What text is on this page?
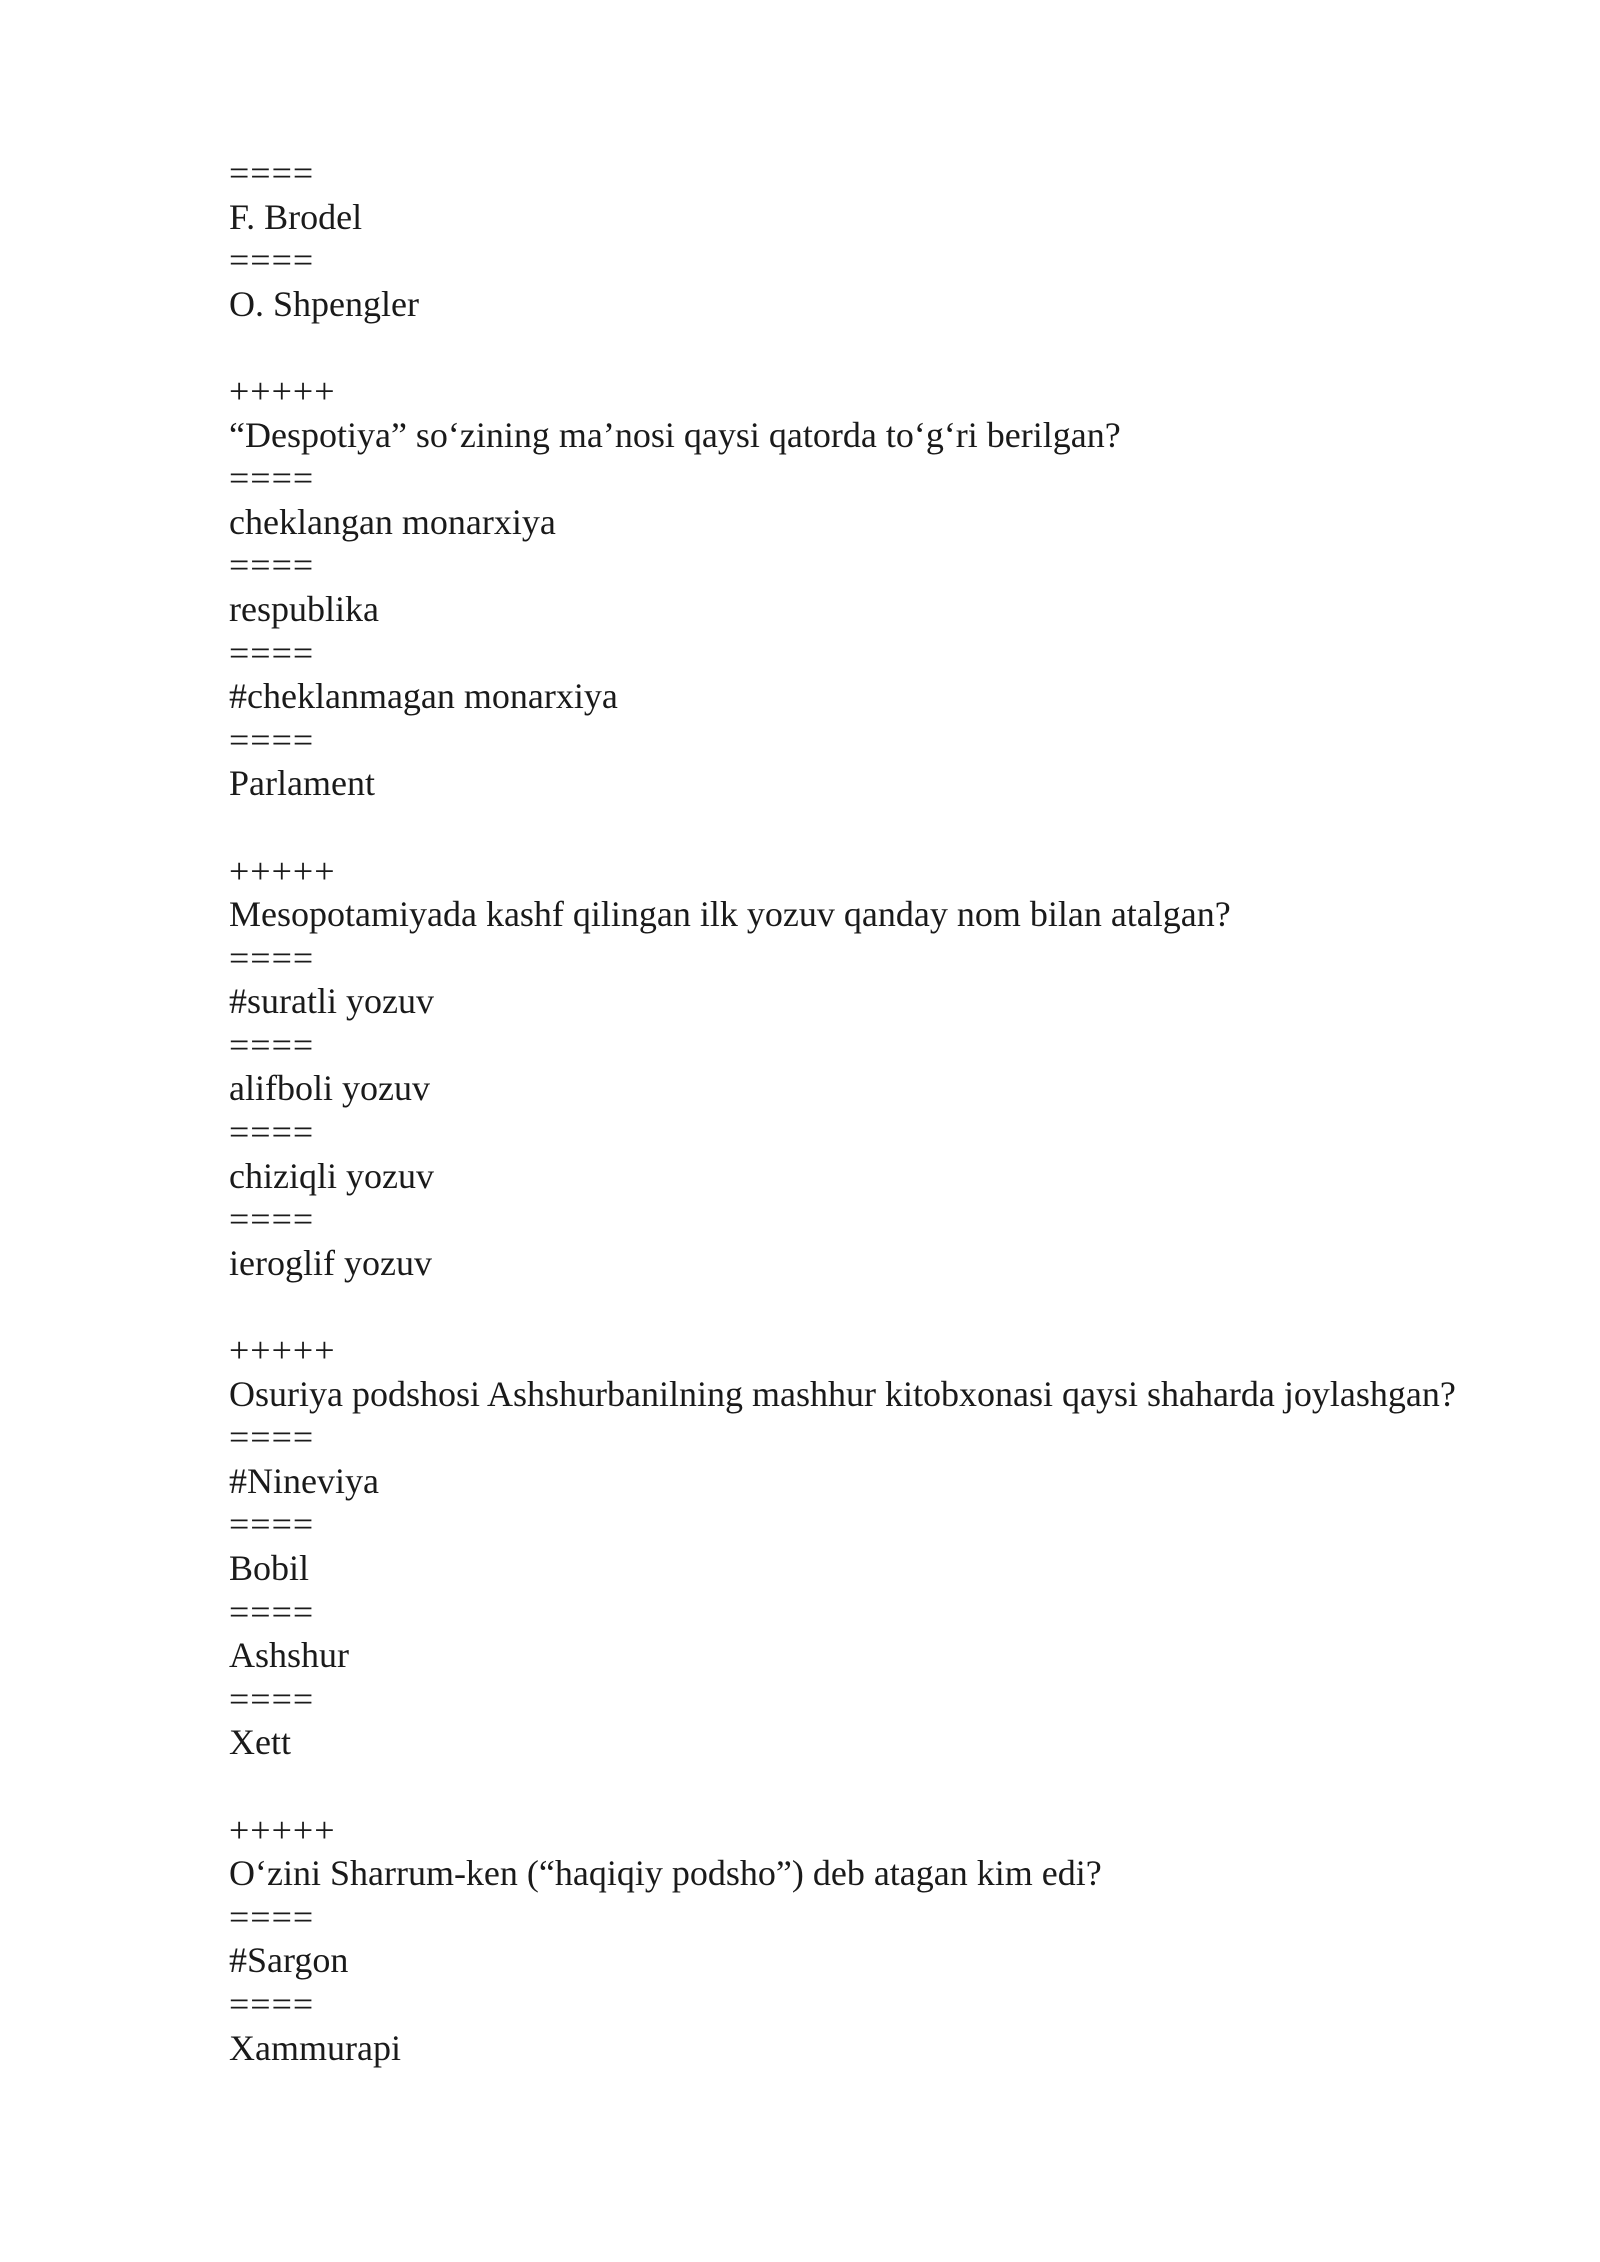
====
F. Brodel
====
O. Shpengler
+++++
“Despotiya” so‘zining ma’nosi qaysi qatorda to‘g‘ri berilgan?
====
cheklangan monarxiya
====
respublika
====
#cheklanmagan monarxiya
====
Parlament
+++++
Mesopotamiyada kashf qilingan ilk yozuv qanday nom bilan atalgan?
====
#suratli yozuv
====
alifboli yozuv
====
chiziqli yozuv
====
ieroglif yozuv
+++++
Osuriya podshosi Ashshurbanilning mashhur kitobxonasi qaysi shaharda joylashgan?
====
#Nineviya
====
Bobil
====
Ashshur
====
Xett
+++++
O‘zini Sharrum-ken (“haqiqiy podsho”) deb atagan kim edi?
====
#Sargon
====
Xammurapi
